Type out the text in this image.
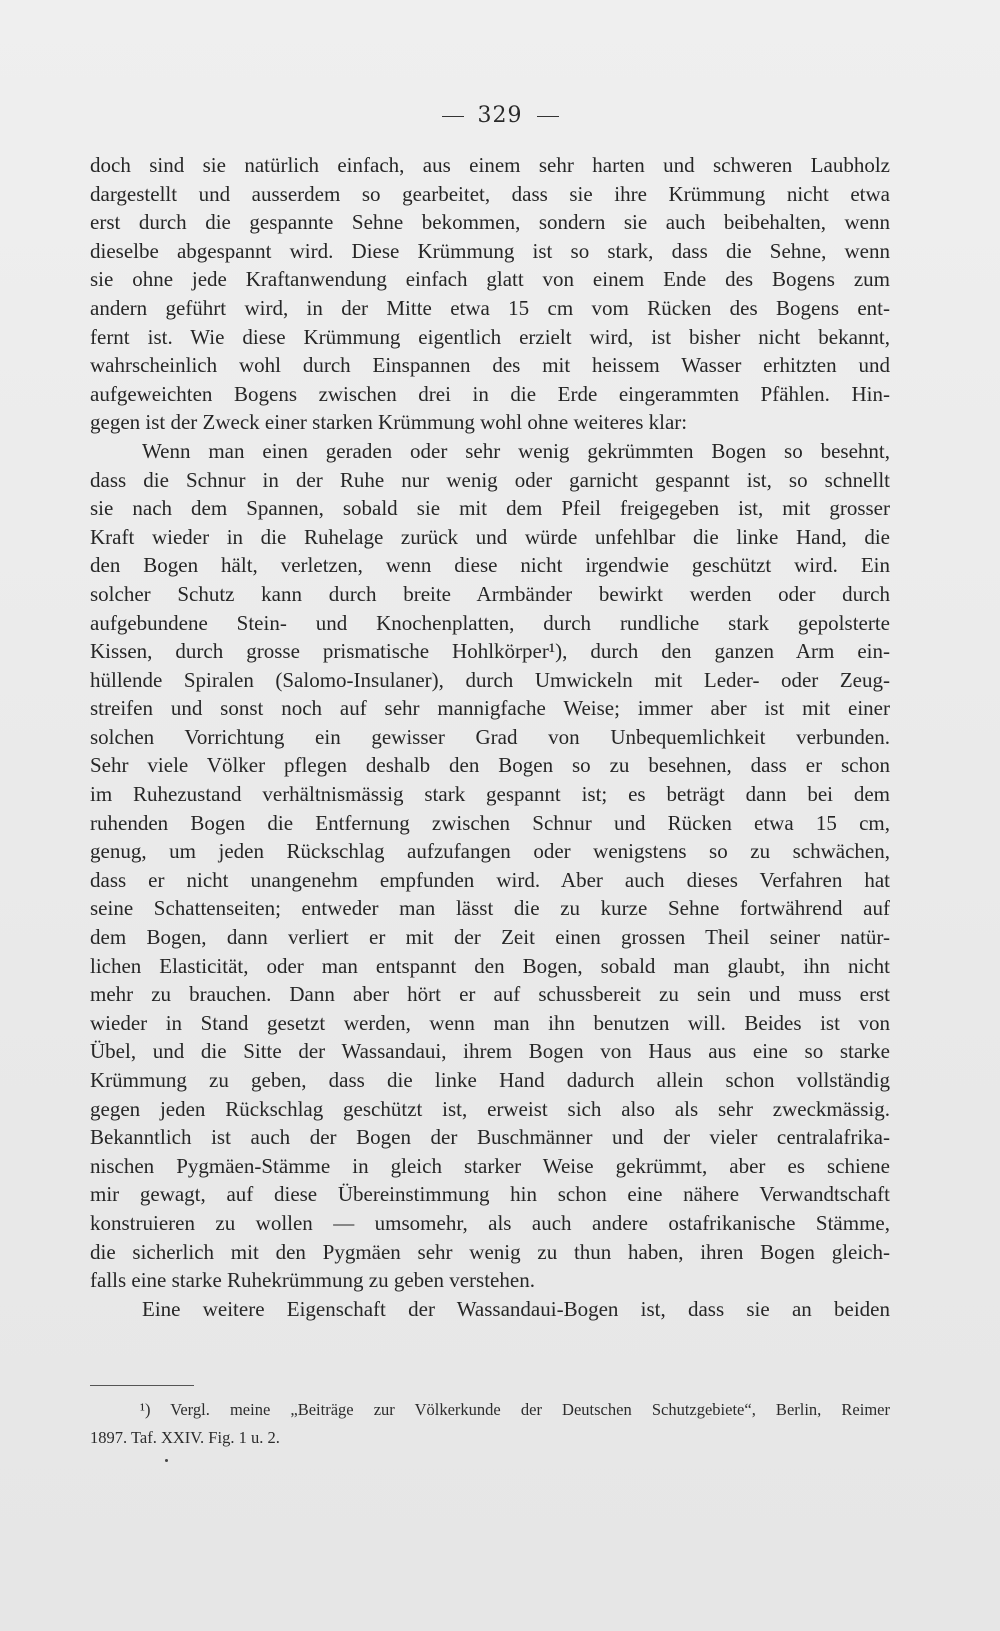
329
doch sind sie natürlich einfach, aus einem sehr harten und schweren Laubholz
dargestellt und ausserdem so gearbeitet, dass sie ihre Krümmung nicht etwa
erst durch die gespannte Sehne bekommen, sondern sie auch beibehalten, wenn
dieselbe abgespannt wird. Diese Krümmung ist so stark, dass die Sehne, wenn
sie ohne jede Kraftanwendung einfach glatt von einem Ende des Bogens zum
andern geführt wird, in der Mitte etwa 15 cm vom Rücken des Bogens ent-
fernt ist. Wie diese Krümmung eigentlich erzielt wird, ist bisher nicht bekannt,
wahrscheinlich wohl durch Einspannen des mit heissem Wasser erhitzten und
aufgeweichten Bogens zwischen drei in die Erde eingerammten Pfählen. Hin-
gegen ist der Zweck einer starken Krümmung wohl ohne weiteres klar:
Wenn man einen geraden oder sehr wenig gekrümmten Bogen so besehnt,
dass die Schnur in der Ruhe nur wenig oder garnicht gespannt ist, so schnellt
sie nach dem Spannen, sobald sie mit dem Pfeil freigegeben ist, mit grosser
Kraft wieder in die Ruhelage zurück und würde unfehlbar die linke Hand, die
den Bogen hält, verletzen, wenn diese nicht irgendwie geschützt wird. Ein
solcher Schutz kann durch breite Armbänder bewirkt werden oder durch
aufgebundene Stein- und Knochenplatten, durch rundliche stark gepolsterte
Kissen, durch grosse prismatische Hohlkörper¹), durch den ganzen Arm ein-
hüllende Spiralen (Salomo-Insulaner), durch Umwickeln mit Leder- oder Zeug-
streifen und sonst noch auf sehr mannigfache Weise; immer aber ist mit einer
solchen Vorrichtung ein gewisser Grad von Unbequemlichkeit verbunden.
Sehr viele Völker pflegen deshalb den Bogen so zu besehnen, dass er schon
im Ruhezustand verhältnismässig stark gespannt ist; es beträgt dann bei dem
ruhenden Bogen die Entfernung zwischen Schnur und Rücken etwa 15 cm,
genug, um jeden Rückschlag aufzufangen oder wenigstens so zu schwächen,
dass er nicht unangenehm empfunden wird. Aber auch dieses Verfahren hat
seine Schattenseiten; entweder man lässt die zu kurze Sehne fortwährend auf
dem Bogen, dann verliert er mit der Zeit einen grossen Theil seiner natür-
lichen Elasticität, oder man entspannt den Bogen, sobald man glaubt, ihn nicht
mehr zu brauchen. Dann aber hört er auf schussbereit zu sein und muss erst
wieder in Stand gesetzt werden, wenn man ihn benutzen will. Beides ist von
Übel, und die Sitte der Wassandaui, ihrem Bogen von Haus aus eine so starke
Krümmung zu geben, dass die linke Hand dadurch allein schon vollständig
gegen jeden Rückschlag geschützt ist, erweist sich also als sehr zweckmässig.
Bekanntlich ist auch der Bogen der Buschmänner und der vieler centralafrika-
nischen Pygmäen-Stämme in gleich starker Weise gekrümmt, aber es schiene
mir gewagt, auf diese Übereinstimmung hin schon eine nähere Verwandtschaft
konstruieren zu wollen — umsomehr, als auch andere ostafrikanische Stämme,
die sicherlich mit den Pygmäen sehr wenig zu thun haben, ihren Bogen gleich-
falls eine starke Ruhekrümmung zu geben verstehen.
Eine weitere Eigenschaft der Wassandaui-Bogen ist, dass sie an beiden
¹) Vergl. meine „Beiträge zur Völkerkunde der Deutschen Schutzgebiete“, Berlin, Reimer
1897. Taf. XXIV. Fig. 1 u. 2.
